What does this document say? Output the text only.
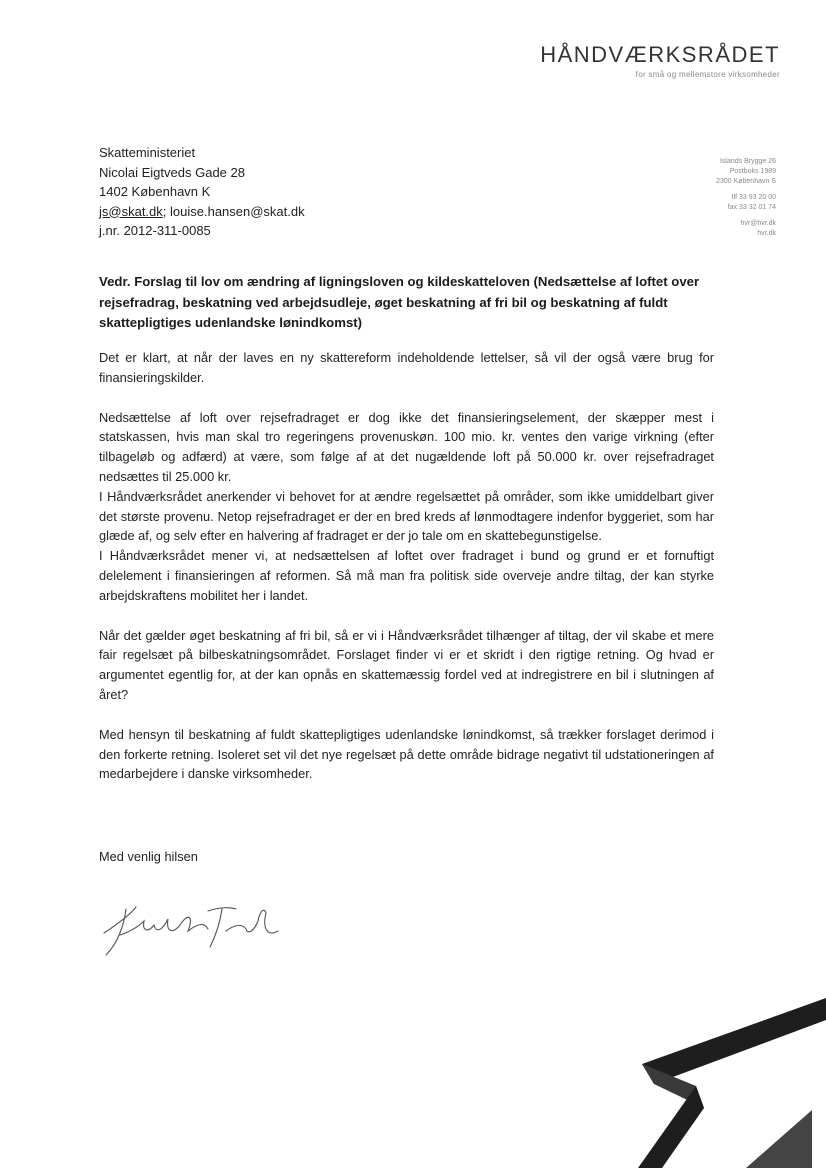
HÅNDVÆRKSRÅDET
for små og mellemstore virksomheder
Islands Brygge 26
Postboks 1989
2300 København S
tlf 33 93 20 00
fax 33 32 01 74
hvr@hvr.dk
hvr.dk
Skatteministeriet
Nicolai Eigtveds Gade 28
1402 København K
js@skat.dk; louise.hansen@skat.dk
j.nr. 2012-311-0085
Vedr. Forslag til lov om ændring af ligningsloven og kildeskatteloven (Nedsættelse af loftet over rejsefradrag, beskatning ved arbejdsudleje, øget beskatning af fri bil og beskatning af fuldt skattepligtiges udenlandske lønindkomst)

Det er klart, at når der laves en ny skattereform indeholdende lettelser, så vil der også være brug for finansieringskilder.

Nedsættelse af loft over rejsefradraget er dog ikke det finansieringselement, der skæpper mest i statskassen, hvis man skal tro regeringens provenuskøn. 100 mio. kr. ventes den varige virkning (efter tilbageløb og adfærd) at være, som følge af at det nugældende loft på 50.000 kr. over rejsefradraget nedsættes til 25.000 kr.

I Håndværksrådet anerkender vi behovet for at ændre regelsættet på områder, som ikke umiddelbart giver det største provenu. Netop rejsefradraget er der en bred kreds af lønmodtagere indenfor byggeriet, som har glæde af, og selv efter en halvering af fradraget er der jo tale om en skattebegunstigelse.

I Håndværksrådet mener vi, at nedsættelsen af loftet over fradraget i bund og grund er et fornuftigt delelement i finansieringen af reformen. Så må man fra politisk side overveje andre tiltag, der kan styrke arbejdskraftens mobilitet her i landet.

Når det gælder øget beskatning af fri bil, så er vi i Håndværksrådet tilhænger af tiltag, der vil skabe et mere fair regelsæt på bilbeskatningsområdet. Forslaget finder vi er et skridt i den rigtige retning. Og hvad er argumentet egentlig for, at der kan opnås en skattemæssig fordel ved at indregistrere en bil i slutningen af året?

Med hensyn til beskatning af fuldt skattepligtiges udenlandske lønindkomst, så trækker forslaget derimod i den forkerte retning. Isoleret set vil det nye regelsæt på dette område bidrage negativt til udstationeringen af medarbejdere i danske virksomheder.

Med venlig hilsen
